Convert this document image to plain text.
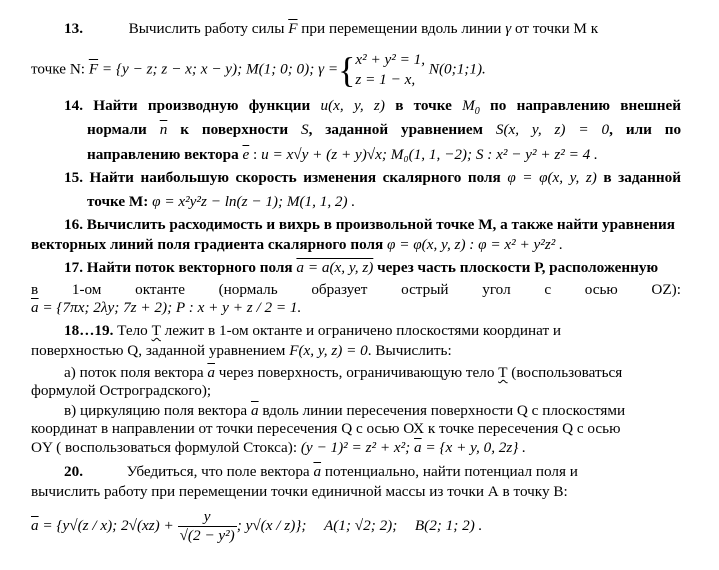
13.	Вычислить работу силы $\overline{F}$ при перемещении вдоль линии γ от точки М к
точке N: $\overline{F} = \{y - z$; z − x; x − y); M(1; 0; 0); γ ={ x² + y² = 1,
z = 1 − x,
N(0;1;1).
14. Найти производную функции u(x, y, z) в точке $M_0$ по направлению внешней
нормали $\overline{n}$ к поверхности S, заданной уравнением S(x, y, z) = 0, или по
направлению вектора $\overline{e}$ : u = x√y + (z + y)√x; M₀(1, 1, −2); S : x² − y² + z² = 4 .
15. Найти наибольшую скорость изменения скалярного поля φ = φ(x, y, z) в заданной
точке М: φ = x²y²z − ln(z − 1); M(1, 1, 2) .
16. Вычислить расходимость и вихрь в произвольной точке М, а также найти уравнения
векторных линий поля градиента скалярного поля φ = φ(x, y, z) : φ = x² + y²z² .
17. Найти поток векторного поля a = a(x, y, z) через часть плоскости Р, расположенную
в 1-ом октанте (нормаль образует острый угол с осью OZ):
$\overline{a} = \{7\pi x$; 2λy; 7z + 2); P : x + y + z / 2 = 1.
18…19. Тело Т лежит в 1-ом октанте и ограничено плоскостями координат и
поверхностью Q, заданной уравнением F(x, y, z) = 0. Вычислить:
а) поток поля вектора $\overline{a}$ через поверхность, ограничивающую тело Т (воспользоваться
формулой Остроградского);
в) циркуляцию поля вектора $\overline{a}$ вдоль линии пересечения поверхности Q с плоскостями
координат в направлении от точки пересечения Q с осью ОХ к точке пересечения Q с осью
OY ( воспользоваться формулой Стокса): (y − 1)² = z² + x²; $\overline{a} = \{x + y$, 0, 2z} .
20.	Убедиться, что поле вектора $\overline{a}$ потенциально, найти потенциал поля и
вычислить работу при перемещении точки единичной массы из точки А в точку В:
$\overline{a} = \{y√(z / x)$; $2√(xz) + \frac{y}{\text{√(2 − y²)}}$ ; y√(x / z)}; A(1; √2; 2); B(2; 1; 2) .
